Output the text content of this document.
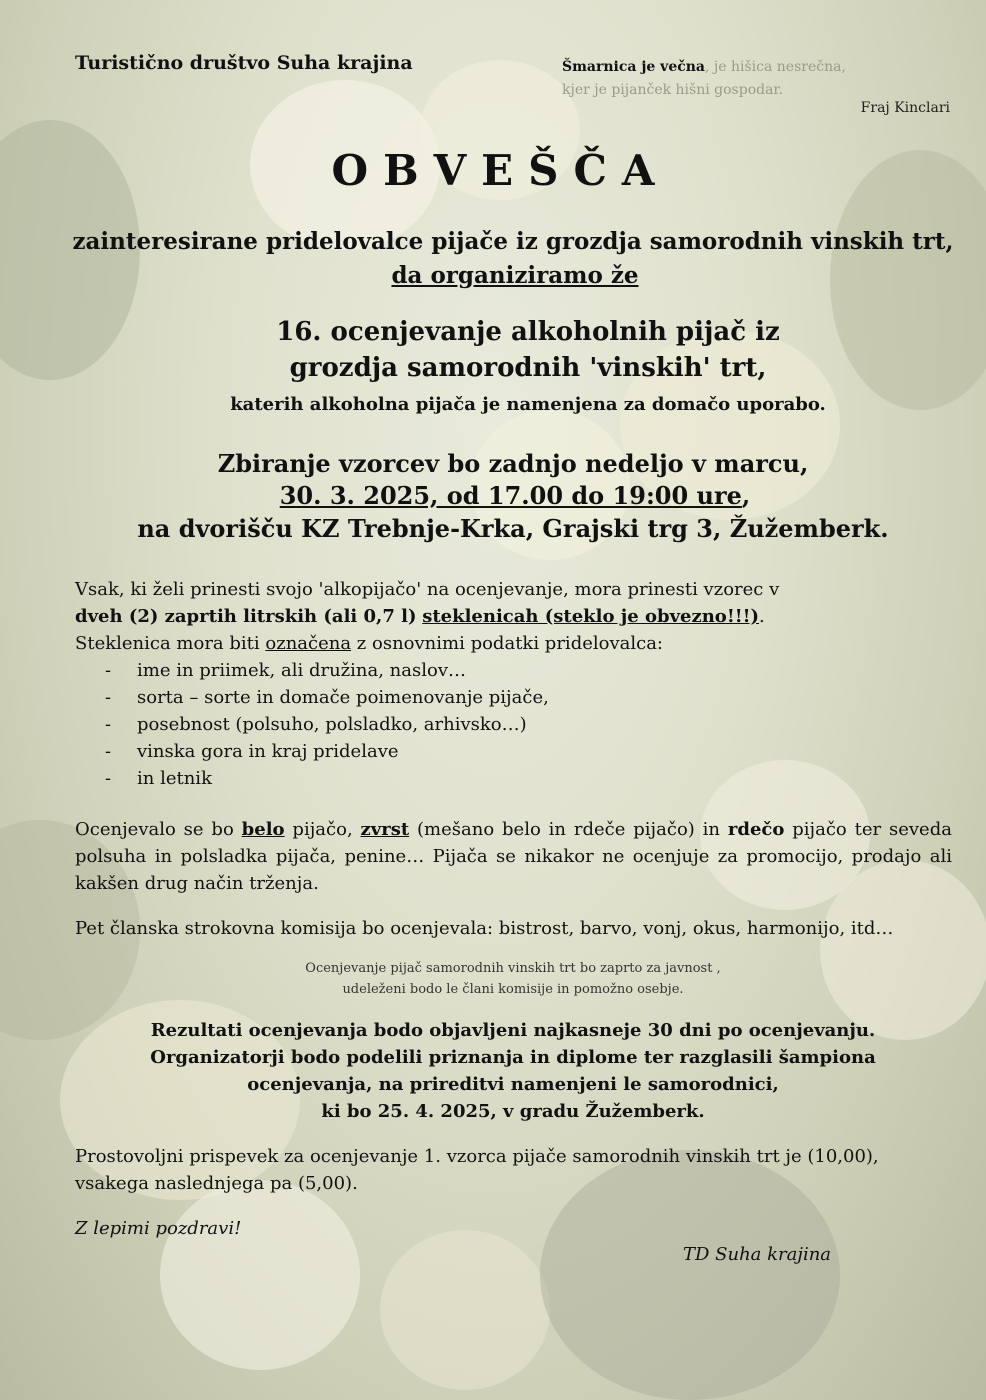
Turistično društvo Suha krajina	Šmarnica je večna, je hišica nesrečna,
kjer je pijanček hišni gospodar.
Fraj Kinclari
OBVEŠČA
zainteresirane pridelovalce pijače iz grozdja samorodnih vinskih trt,
da organiziramo že
16. ocenjevanje alkoholnih pijač iz
grozdja samorodnih 'vinskih' trt,
katerih alkoholna pijača je namenjena za domačo uporabo.
Zbiranje vzorcev bo zadnjo nedeljo v marcu,
30. 3. 2025, od 17.00 do 19:00 ure,
na dvorišču KZ Trebnje-Krka, Grajski trg 3, Žužemberk.
Vsak, ki želi prinesti svojo 'alkopijačo' na ocenjevanje, mora prinesti vzorec v
dveh (2) zaprtih litrskih (ali 0,7 l) steklenicah (steklo je obvezno!!!).
Steklenica mora biti označena z osnovnimi podatki pridelovalca:
- ime in priimek, ali družina, naslov…
- sorta – sorte in domače poimenovanje pijače,
- posebnost (polsuho, polsladko, arhivsko…)
- vinska gora in kraj pridelave
- in letnik
Ocenjevalo se bo belo pijačo, zvrst (mešano belo in rdeče pijačo) in rdečo pijačo ter seveda polsuha in polsladka pijača, penine… Pijača se nikakor ne ocenjuje za promocijo, prodajo ali kakšen drug način trženja.
Pet članska strokovna komisija bo ocenjevala: bistrost, barvo, vonj, okus, harmonijo, itd…
Ocenjevanje pijač samorodnih vinskih trt bo zaprto za javnost ,
udeleženi bodo le člani komisije in pomožno osebje.
Rezultati ocenjevanja bodo objavljeni najkasneje 30 dni po ocenjevanju.
Organizatorji bodo podelili priznanja in diplome ter razglasili šampiona
ocenjevanja, na prireditvi namenjeni le samorodnici,
ki bo 25. 4. 2025, v gradu Žužemberk.
Prostovoljni prispevek za ocenjevanje 1. vzorca pijače samorodnih vinskih trt je (10,00),
vsakega naslednjega pa (5,00).
Z lepimi pozdravi!
TD Suha krajina
